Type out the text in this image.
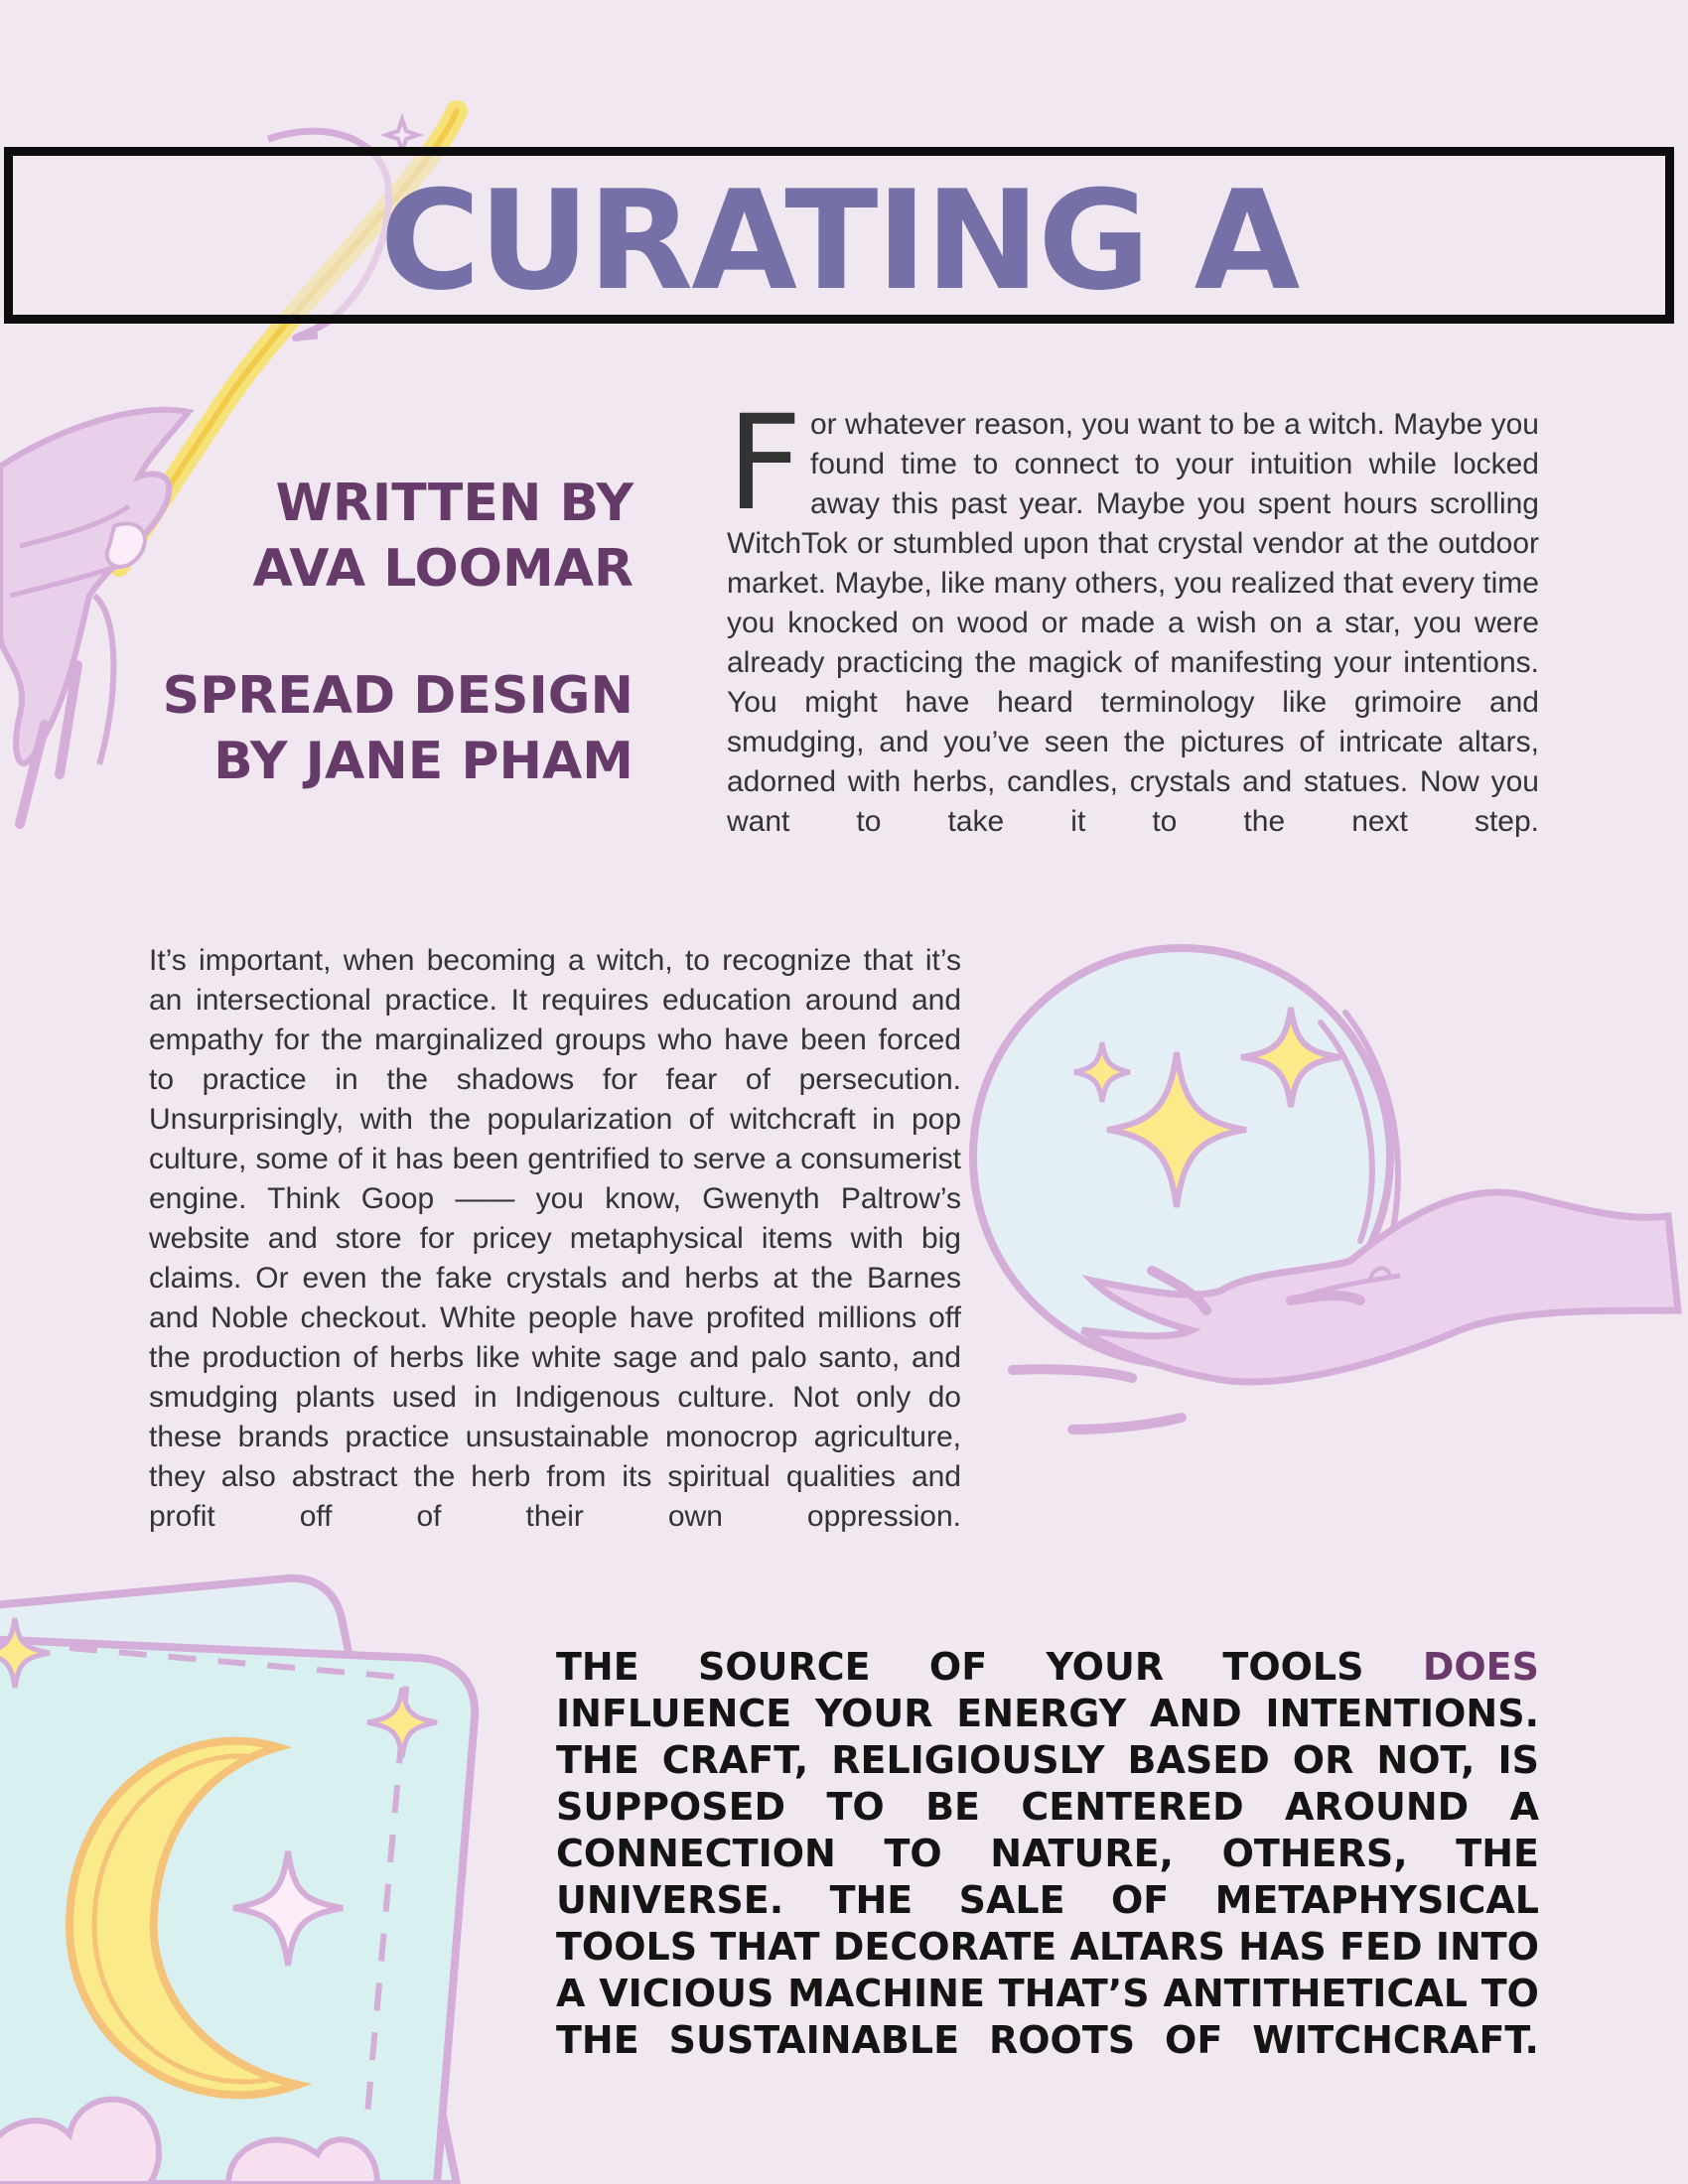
CURATING A
WRITTEN BY AVA LOOMAR
SPREAD DESIGN BY JANE PHAM
F or whatever reason, you want to be a witch. Maybe you found time to connect to your intuition while locked away this past year. Maybe you spent hours scrolling WitchTok or stumbled upon that crystal vendor at the outdoor market. Maybe, like many others, you realized that every time you knocked on wood or made a wish on a star, you were already practicing the magick of manifesting your intentions. You might have heard terminology like grimoire and smudging, and you’ve seen the pictures of intricate altars, adorned with herbs, candles, crystals and statues. Now you want to take it to the next step.
It’s important, when becoming a witch, to recognize that it’s an intersectional practice. It requires education around and empathy for the marginalized groups who have been forced to practice in the shadows for fear of persecution. Unsurprisingly, with the popularization of witchcraft in pop culture, some of it has been gentrified to serve a consumerist engine. Think Goop —— you know, Gwenyth Paltrow’s website and store for pricey metaphysical items with big claims. Or even the fake crystals and herbs at the Barnes and Noble checkout. White people have profited millions off the production of herbs like white sage and palo santo, and smudging plants used in Indigenous culture. Not only do these brands practice unsustainable monocrop agriculture, they also abstract the herb from its spiritual qualities and profit off of their own oppression.
THE SOURCE OF YOUR TOOLS DOES INFLUENCE YOUR ENERGY AND INTENTIONS. THE CRAFT, RELIGIOUSLY BASED OR NOT, IS SUPPOSED TO BE CENTERED AROUND A CONNECTION TO NATURE, OTHERS, THE UNIVERSE. THE SALE OF METAPHYSICAL TOOLS THAT DECORATE ALTARS HAS FED INTO A VICIOUS MACHINE THAT’S ANTITHETICAL TO THE SUSTAINABLE ROOTS OF WITCHCRAFT.
